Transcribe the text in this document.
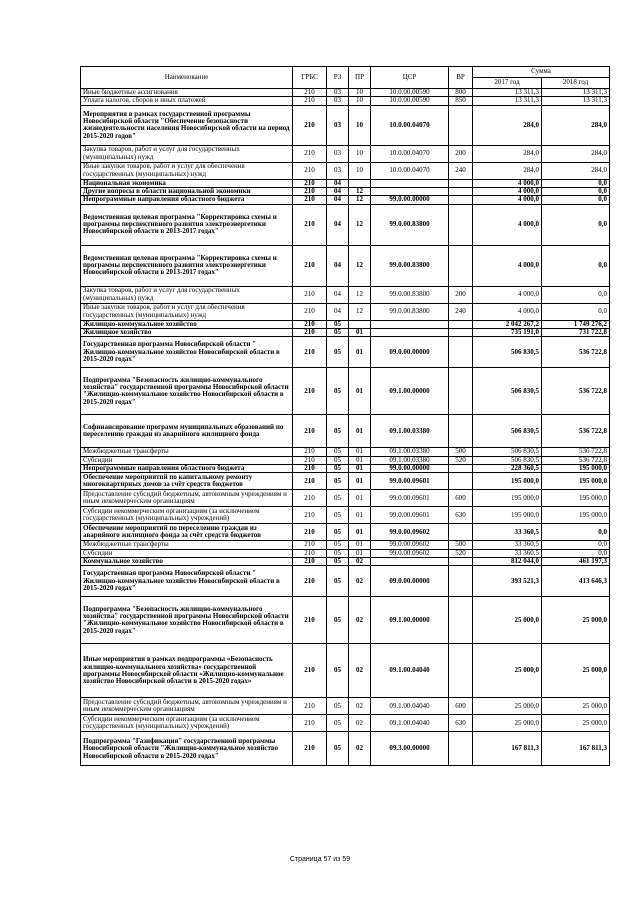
Наименование	ГРБС	РЗ	ПР	ЦСР	ВР	Сумма	
						2017 год	2018 год
Иные бюджетные ассигнования	210	03	10	10.0.00.00590	800	13 311,3	13 311,3
Уплата налогов, сборов и иных платежей	210	03	10	10.0.00.00590	850	13 311,3	13 311,3
Мероприятия в рамках государственной программы Новосибирской области "Обеспечение безопасности жизнедеятельности населения Новосибирской области на период 2015-2020 годов"	210	03	10	10.0.00.04070		284,0	284,0
Закупка товаров, работ и услуг для государственных (муниципальных) нужд	210	03	10	10.0.00.04070	200	284,0	284,0
Иные закупки товаров, работ и услуг для обеспечения государственных (муниципальных) нужд	210	03	10	10.0.00.04070	240	284,0	284,0
Национальная экономика	210	04				4 000,0	0,0
Другие вопросы в области национальной экономики	210	04	12			4 000,0	0,0
Непрограммные направления областного бюджета	210	04	12	99.0.00.00000		4 000,0	0,0
Ведомственная целевая программа "Корректировка схемы и программы перспективного развития электроэнергетики Новосибирской области в 2013-2017 годах"	210	04	12	99.0.00.83800		4 000,0	0,0
Ведомственная целевая программа "Корректировка схемы и программы перспективного развития электроэнергетики Новосибирской области в 2013-2017 годах"	210	04	12	99.0.00.83800		4 000,0	0,0
Закупка товаров, работ и услуг для государственных (муниципальных) нужд	210	04	12	99.0.00.83800	200	4 000,0	0,0
Иные закупки товаров, работ и услуг для обеспечения государственных (муниципальных) нужд	210	04	12	99.0.00.83800	240	4 000,0	0,0
Жилищно-коммунальное хозяйство	210	05				2 042 267,2	1 749 276,2
Жилищное хозяйство	210	05	01			735 191,0	731 722,8
Государственная программа Новосибирской области " Жилищно-коммунальное хозяйство Новосибирской области в 2015-2020 годах"	210	05	01	09.0.00.00000		506 830,5	536 722,8
Подпрограмма "Безопасность жилищно-коммунального хозяйства" государственной программы Новосибирской области "Жилищно-коммунальное хозяйство Новосибирской области в 2015-2020 годах"	210	05	01	09.1.00.00000		506 830,5	536 722,8
Софинансирование программ муниципальных образований по переселению граждан из аварийного жилищного фонда	210	05	01	09.1.00.03380		506 830,5	536 722,8
Межбюджетные трансферты	210	05	01	09.1.00.03380	500	506 830,5	536 722,8
Субсидии	210	05	01	09.1.00.03380	520	506 830,5	536 722,8
Непрограммные направления областного бюджета	210	05	01	99.0.00.00000		228 360,5	195 000,0
Обеспечение мероприятий по капитальному ремонту многоквартирных домов за счёт средств бюджетов	210	05	01	99.0.00.09601		195 000,0	195 000,0
Предоставление субсидий бюджетным, автономным учреждениям и иным некоммерческим организациям	210	05	01	99.0.00.09601	600	195 000,0	195 000,0
Субсидии некоммерческим организациям (за исключением государственных (муниципальных) учреждений)	210	05	01	99.0.00.09601	630	195 000,0	195 000,0
Обеспечение мероприятий по переселению граждан из аварийного жилищного фонда за счёт средств бюджетов	210	05	01	99.0.00.09602		33 360,5	0,0
Межбюджетные трансферты	210	05	01	99.0.00.09602	500	33 360,5	0,0
Субсидии	210	05	01	99.0.00.09602	520	33 360,5	0,0
Коммунальное хозяйство	210	05	02			812 044,0	461 197,3
Государственная программа Новосибирской области " Жилищно-коммунальное хозяйство Новосибирской области в 2015-2020 годах"	210	05	02	09.0.00.00000		393 521,3	413 646,3
Подпрограмма "Безопасность жилищно-коммунального хозяйства" государственной программы Новосибирской области "Жилищно-коммунальное хозяйство Новосибирской области в 2015-2020 годах"	210	05	02	09.1.00.00000		25 000,0	25 000,0
Иные мероприятия в рамках подпрограммы «Безопасность жилищно-коммунального хозяйства» государственной программы Новосибирской области «Жилищно-коммунальное хозяйство Новосибирской области в 2015-2020 годах»	210	05	02	09.1.00.04040		25 000,0	25 000,0
Предоставление субсидий бюджетным, автономным учреждениям и иным некоммерческим организациям	210	05	02	09.1.00.04040	600	25 000,0	25 000,0
Субсидии некоммерческим организациям (за исключением государственных (муниципальных) учреждений)	210	05	02	09.1.00.04040	630	25 000,0	25 000,0
Подпрограмма "Газификация" государственной программы Новосибирской области "Жилищно-коммунальное хозяйство Новосибирской области в 2015-2020 годах"	210	05	02	09.3.00.00000		167 811,3	167 811,3
Страница 57 из 59
